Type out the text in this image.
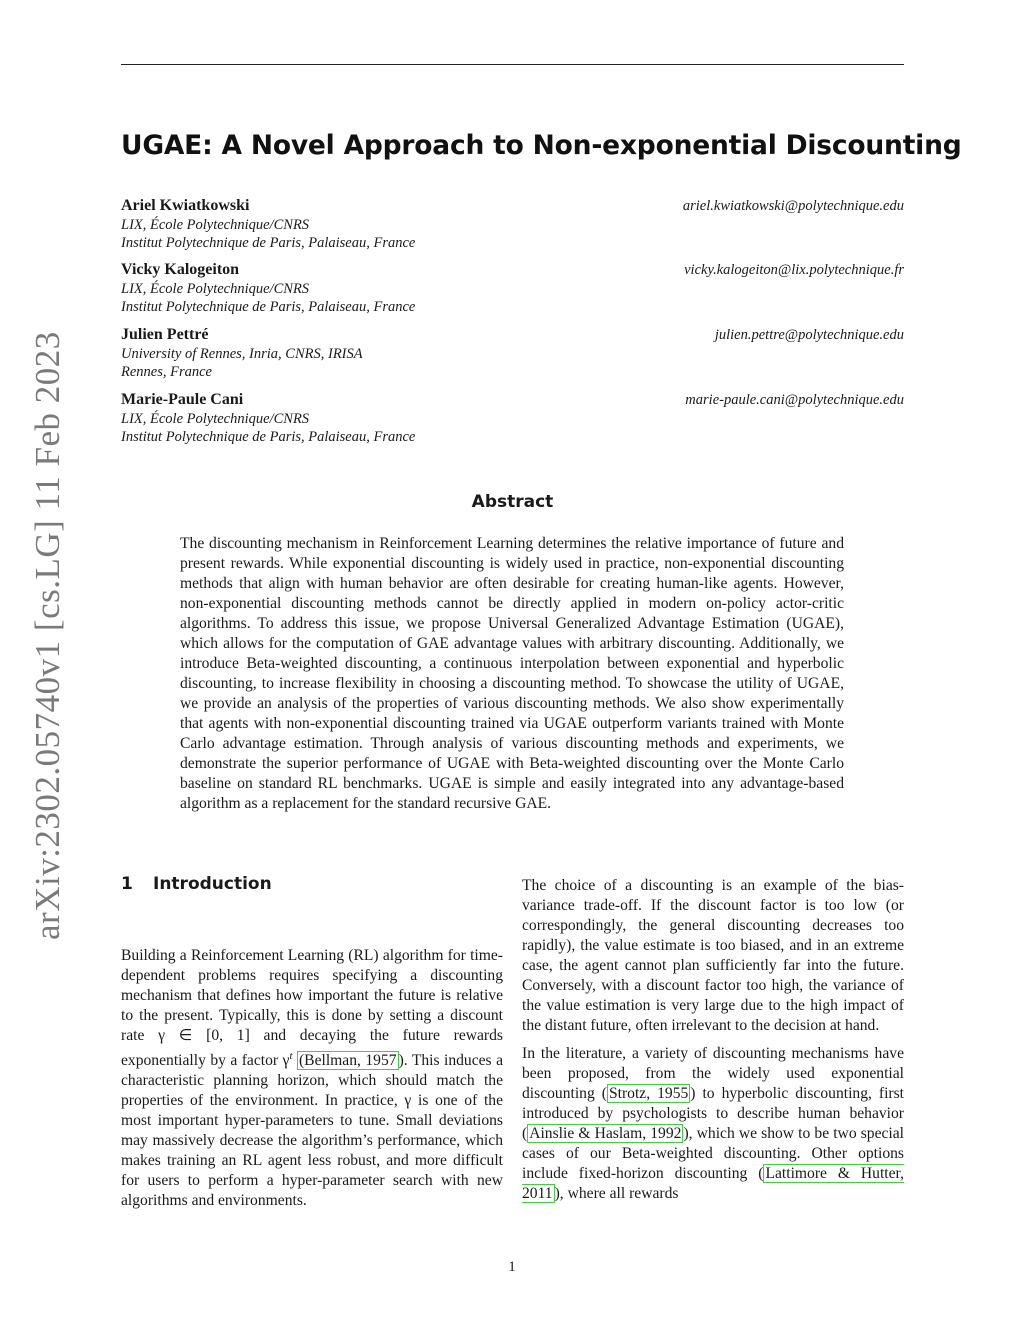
arXiv:2302.05740v1 [cs.LG] 11 Feb 2023
UGAE: A Novel Approach to Non-exponential Discounting
Ariel Kwiatkowski	ariel.kwiatkowski@polytechnique.edu
LIX, École Polytechnique/CNRS
Institut Polytechnique de Paris, Palaiseau, France
Vicky Kalogeiton	vicky.kalogeiton@lix.polytechnique.fr
LIX, École Polytechnique/CNRS
Institut Polytechnique de Paris, Palaiseau, France
Julien Pettré	julien.pettre@polytechnique.edu
University of Rennes, Inria, CNRS, IRISA
Rennes, France
Marie-Paule Cani	marie-paule.cani@polytechnique.edu
LIX, École Polytechnique/CNRS
Institut Polytechnique de Paris, Palaiseau, France
Abstract
The discounting mechanism in Reinforcement Learning determines the relative importance of future and present rewards. While exponential discounting is widely used in practice, non-exponential discounting methods that align with human behavior are often desirable for creating human-like agents. However, non-exponential discounting methods cannot be directly applied in modern on-policy actor-critic algorithms. To address this issue, we propose Universal Generalized Advantage Estimation (UGAE), which allows for the computation of GAE advantage values with arbitrary discounting. Additionally, we introduce Beta-weighted discounting, a continuous interpolation between exponential and hyperbolic discounting, to increase flexibility in choosing a discounting method. To showcase the utility of UGAE, we provide an analysis of the properties of various discounting methods. We also show experimentally that agents with non-exponential discounting trained via UGAE outperform variants trained with Monte Carlo advantage estimation. Through analysis of various discounting methods and experiments, we demonstrate the superior performance of UGAE with Beta-weighted discounting over the Monte Carlo baseline on standard RL benchmarks. UGAE is simple and easily integrated into any advantage-based algorithm as a replacement for the standard recursive GAE.
1 Introduction

Building a Reinforcement Learning (RL) algorithm for time-dependent problems requires specifying a discounting mechanism that defines how important the future is relative to the present. Typically, this is done by setting a discount rate γ ∈ [0, 1] and decaying the future rewards exponentially by a factor $\gamma^t$ (Bellman, 1957 ). This induces a characteristic planning horizon, which should match the properties of the environment. In practice, γ is one of the most important hyper-parameters to tune. Small deviations may massively decrease the algorithm’s performance, which makes training an RL agent less robust, and more difficult for users to perform a hyper-parameter search with new algorithms and environments.

The choice of a discounting is an example of the bias-variance trade-off. If the discount factor is too low (or correspondingly, the general discounting decreases too rapidly), the value estimate is too biased, and in an extreme case, the agent cannot plan sufficiently far into the future. Conversely, with a discount factor too high, the variance of the value estimation is very large due to the high impact of the distant future, often irrelevant to the decision at hand.

In the literature, a variety of discounting mechanisms have been proposed, from the widely used exponential discounting ( Strotz, 1955 ) to hyperbolic discounting, first introduced by psychologists to describe human behavior ( Ainslie & Haslam, 1992 ), which we show to be two special cases of our Beta-weighted discounting. Other options include fixed-horizon discounting ( Lattimore & Hutter, 2011 ), where all rewards

1
